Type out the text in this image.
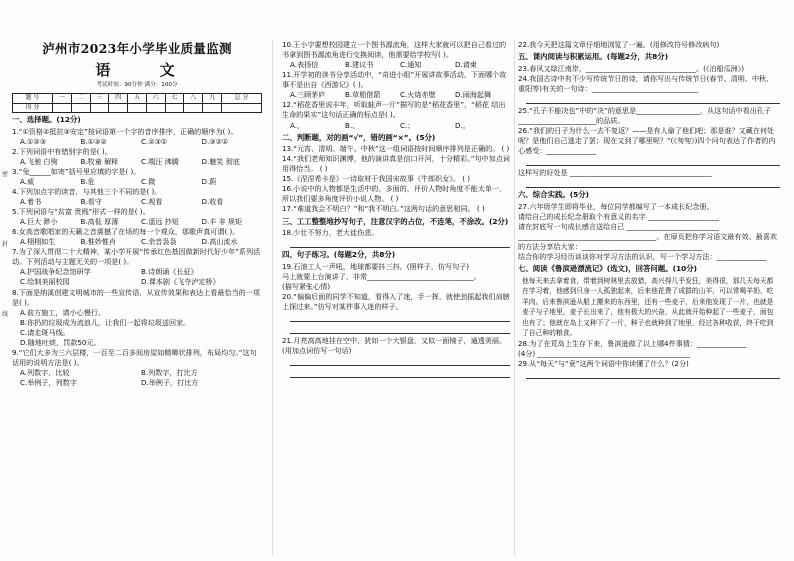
密
封
线
泸州市2023年小学毕业质量监测
语 文
考试时间：90分钟 满分：100分
题 号	一	二	三	四	五	六	七	八	九	总 分
得 分										
一、选择题。(12分)
1.“①资格②抵抗③安定”按词语第一个字的音序排序，正确的顺序为( )。
A.①②③	B.①③②	C.②③①	D.③②①
2.下列词语中有错别字的是( )。
A.飞驰 白驹	B.牧童 解释	C.喘汪 沸腾	D.魅笑 彻底
3.“兔______如寄”括号里应填的字是( )。
A.威	B.危	C.微	D.蔚
4.下列加点字的读音，与其他三个不同的是( )。
A.着书	B.看守	C.观看	D.收看
5.下列词语与“贫富 贵贱”形式一样的是( )。
A.巨大 渺小	B.高低 厚薄	C.遥远 抄短	D.丰 非 规矩
6.女高音歌唱家的天籁之音震撼了在场的每一个观众，那歌声真可谓( )。
A.栩栩如生	B.惟妙惟肖	C.余音袅袅	D.高山流水
7.为了深入贯彻二十大精神，某小学开展“传承红色基因做新时代好少年”系列活动。下列活动与主题无关的一项是( )。
A.护国战争纪念馆研学	B.诗朗诵《长征》
C.绘制美丽校园	D.课本剧《飞夺泸定桥》
8.下面是纳溪创建文明城市的一些宣传语，从宣传效果和表达上看最恰当的一项是( )。
A.前方施工，请小心慢行。
B.你扔的垃圾成为流浪儿，让我们一起将垃圾送回家。
C.请走斑马线。
D.随地吐痰，罚款50元。
9.“它们大多为三六层楼，一百至二百多间房屋如精卿状排列，布局均匀。”这句话用的说明方法是( )。
A.列数字，比较	B.列数字，打比方
C.举例子，列数字	D.举例子，打比方
10.王小宇要想校园建立一个图书源流角，这样大家就可以把自己看过的书拿到图书源流角进行交换阅读，他需要给学校写( )。
A.表扬信	B.建议书	C.通知	D.请柬
11.开学初的读书分享活动中，“奇进小组”开展讲故事活动，下面哪个故事不是出自《西游记》( )。
A.三顾茅庐	B.草船借箭	C.火烧赤壁	D.闹海起舞
12.“稻花香里说丰年，听取蛙声一片”描写的是“稻花香里”，“稻花 结出生命的果实”这句话正确的标点是( )。
A.，	B.、	C.；	D.。
二、判断题，对的画“√”，错的画“×”。(5分)
13.“元宵、清明、端午、中秋”这一组词语按时间顺序排列是正确的。 ( )
14.“我们老师知识渊博，他的演讲真是信口开河，十分精彩。”句中加点词用得恰当。 ( )
15.《涅涅希卡是》一诗取材于我国宋故事《牛郎织女》。 ( )
16.小说中的人物都是生活中的、多面的，评价人物时角度不能太单一，所以我们要多角度评价小说人物。 ( )
17.“难道我会不明白？”和“我不明白。”这两句话的意思相同。 ( )
三、工工整整地抄写句子，注意汉字的占位，不连笔，不涂改。(2分)
18.少壮不努力，老大徒伤悲。
四、句子练习。(每题2分，共8分)
19.石油工人一声吼，地球都要抖三抖。(照样子，仿写句子)
马上就要上台演讲了，非常______________________________。
(描写紧张心情)
20.“偏偏后面的同学不知道，看得入了迷，手一挥，就使劲摇起我们肩膀上探过来。”仿写对某件事入迷的样子。
21.月亮高高地挂在空中，犹如一个大银盘，又似一面镜子，通透美丽。(用加点词仿写一句话)
22.我今天把这篇文章仔细地浏览了一遍。(用修改符号修改病句)
五、课内阅读与积累运用。(每题2分，共8分)
23.春风又绿江南岸，_______________________________。(《泊船瓜洲》)
24.我国古诗中有不少写传统节日的诗，请你写出与传统节日(春节、清明、中秋、重阳等)有关的一句诗：______________________________
25.“孔子不能决也”中的“决”的意思是__________________，从这句话中看出孔子______________________的品质。
26.“我们的日子为什么一去不复返？——是有人偷了他们吧；那是谁？又藏在何处呢？是他们自己逃走了罢；现在又到了哪里呢？”(《匆匆》)四个问句表达了作者的内心感受：______________
这样写的好处是 ________________________________________
六、综合实践。(5分)
27.六年级学生即将毕业，每位同学都编写了一本成长纪念册。
请给自己的成长纪念册取个有意义的名字 ____________________
请在封底写一句成长感言送给自己 __________________________
_______________________________________。在扉页把你学习语文最有效、最喜欢的方法分享给大家：__________________________________
结合你的学习经历谈谈你对学习方法的认识，写一个学习方法：______________
七、阅读《鲁滨逊漂流记》(选文)，回答问题。(10分)
他每天来去拿着食，带着到树林里去放猎，高兴得几乎发狂，美得很，那几天每天都在学习着，他感到只身一人孤独起来，后来他花费了成群的山羊，可以常喝羊奶、吃羊肉。后来鲁滨逊从船上搬来的东西里，还有一些麦子，后来他发现了一片，也就是麦子与子地里，麦子长出来了，他有极大的兴奋，从此就开始种起了一些麦子，面包也有了；他就在岛上又种下了一片，种子也就种到了地里，经过各种收获，终于吃到了自己种的粮食。
28.为了在荒岛上生存下来，鲁滨逊做了以上哪4件事情：______________
(4分) ___________________________________________
29.从“每天”与“竟”这两个词语中你读懂了什么？(2分)
